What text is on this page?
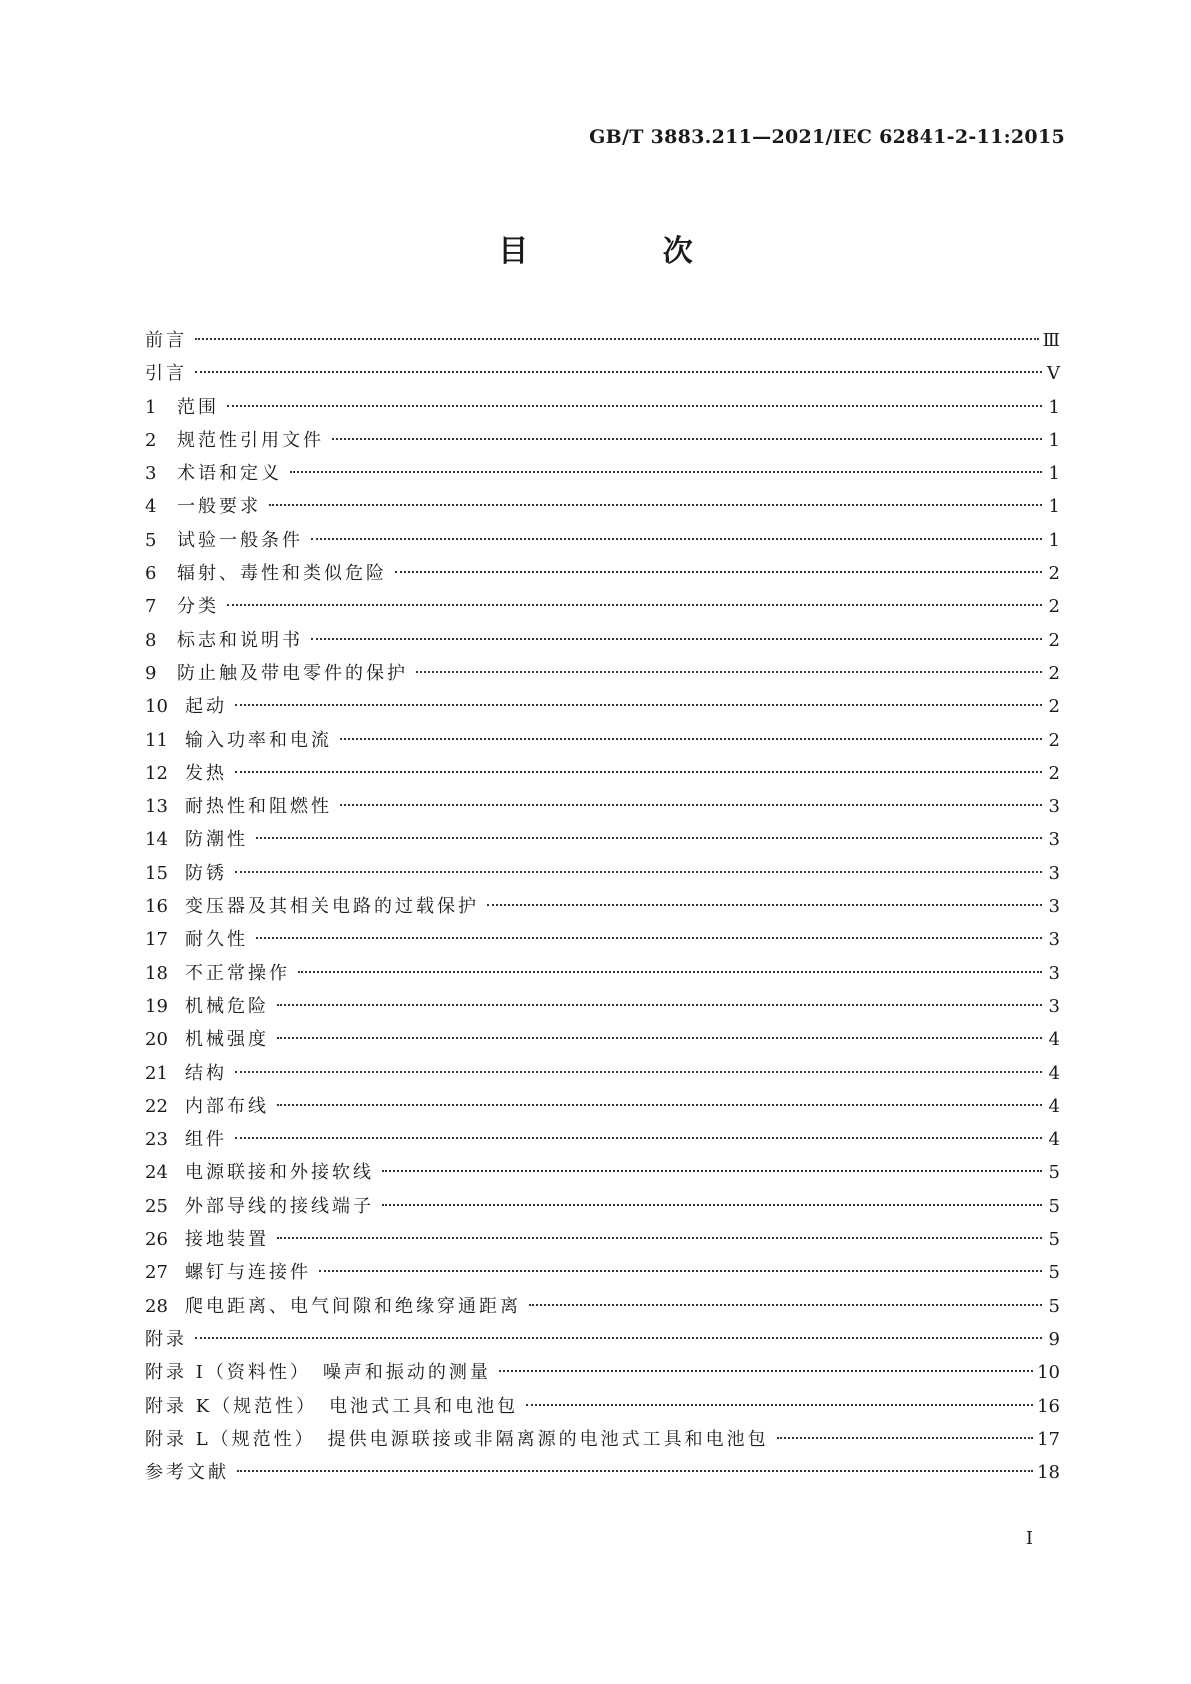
GB/T 3883.211—2021/IEC 62841-2-11:2015

目 次
前言	Ⅲ
引言	Ⅴ
1	范围	1
2	规范性引用文件	1
3	术语和定义	1
4	一般要求	1
5	试验一般条件	1
6	辐射、毒性和类似危险	2
7	分类	2
8	标志和说明书	2
9	防止触及带电零件的保护	2
10 起动	2
11 输入功率和电流	2
12 发热	2
13 耐热性和阻燃性	3
14 防潮性	3
15 防锈	3
16 变压器及其相关电路的过载保护	3
17 耐久性	3
18 不正常操作	3
19 机械危险	3
20 机械强度	4
21 结构	4
22 内部布线	4
23 组件	4
24 电源联接和外接软线	5
25 外部导线的接线端子	5
26 接地装置	5
27 螺钉与连接件	5
28 爬电距离、电气间隙和绝缘穿通距离	5
附录	9
附录 I（资料性）　噪声和振动的测量	10
附录 K（规范性）　电池式工具和电池包	16
附录 L（规范性）　提供电源联接或非隔离源的电池式工具和电池包	17
参考文献	18

I
